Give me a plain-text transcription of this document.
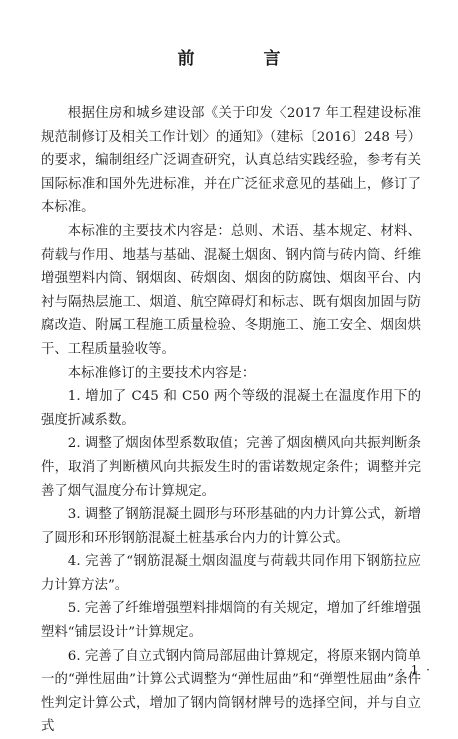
前　言

根据住房和城乡建设部《关于印发〈2017 年工程建设标准规范制修订及相关工作计划〉的通知》（建标〔2016〕248 号）的要求，编制组经广泛调查研究，认真总结实践经验，参考有关国际标准和国外先进标准，并在广泛征求意见的基础上，修订了本标准。

本标准的主要技术内容是：总则、术语、基本规定、材料、荷载与作用、地基与基础、混凝土烟囱、钢内筒与砖内筒、纤维增强塑料内筒、钢烟囱、砖烟囱、烟囱的防腐蚀、烟囱平台、内衬与隔热层施工、烟道、航空障碍灯和标志、既有烟囱加固与防腐改造、附属工程施工质量检验、冬期施工、施工安全、烟囱烘干、工程质量验收等。

本标准修订的主要技术内容是：

1. 增加了 C45 和 C50 两个等级的混凝土在温度作用下的强度折减系数。

2. 调整了烟囱体型系数取值；完善了烟囱横风向共振判断条件，取消了判断横风向共振发生时的雷诺数规定条件；调整并完善了烟气温度分布计算规定。

3. 调整了钢筋混凝土圆形与环形基础的内力计算公式，新增了圆形和环形钢筋混凝土桩基承台内力的计算公式。

4. 完善了“钢筋混凝土烟囱温度与荷载共同作用下钢筋拉应力计算方法”。

5. 完善了纤维增强塑料排烟筒的有关规定，增加了纤维增强塑料“铺层设计”计算规定。

6. 完善了自立式钢内筒局部屈曲计算规定，将原来钢内筒单一的“弹性屈曲”计算公式调整为“弹性屈曲”和“弹塑性屈曲”条件性判定计算公式，增加了钢内筒钢材牌号的选择空间，并与自立式

· 1 ·
